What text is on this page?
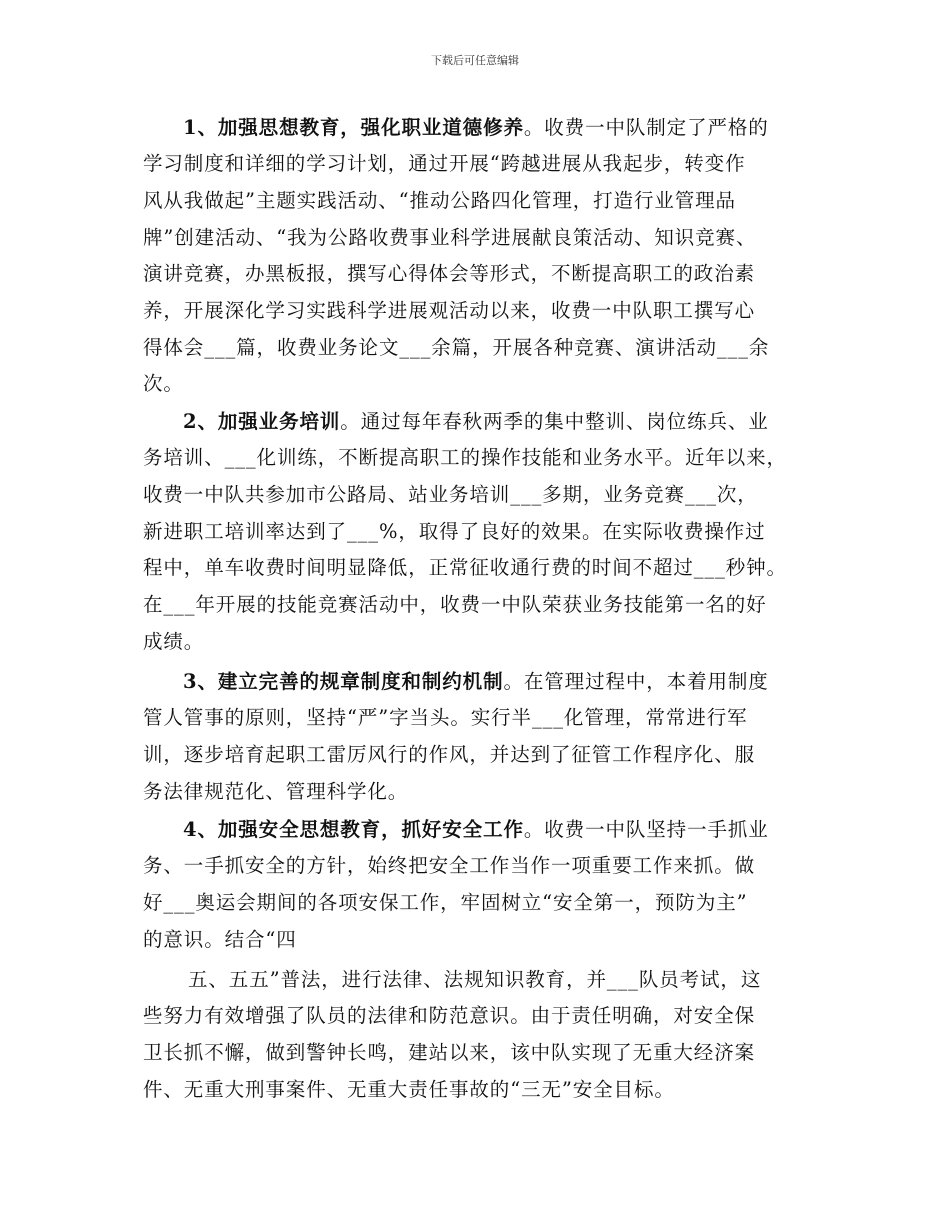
下载后可任意编辑
1、加强思想教育，强化职业道德修养。收费一中队制定了严格的
学习制度和详细的学习计划，通过开展“跨越进展从我起步，转变作
风从我做起”主题实践活动、“推动公路四化管理，打造行业管理品
牌”创建活动、“我为公路收费事业科学进展献良策活动、知识竞赛、
演讲竞赛，办黑板报，撰写心得体会等形式，不断提高职工的政治素
养，开展深化学习实践科学进展观活动以来，收费一中队职工撰写心
得体会___篇，收费业务论文___余篇，开展各种竞赛、演讲活动___余
次。
2、加强业务培训。通过每年春秋两季的集中整训、岗位练兵、业
务培训、___化训练，不断提高职工的操作技能和业务水平。近年以来，
收费一中队共参加市公路局、站业务培训___多期，业务竞赛___次，
新进职工培训率达到了___%，取得了良好的效果。在实际收费操作过
程中，单车收费时间明显降低，正常征收通行费的时间不超过___秒钟。
在___年开展的技能竞赛活动中，收费一中队荣获业务技能第一名的好
成绩。
3、建立完善的规章制度和制约机制。在管理过程中，本着用制度
管人管事的原则，坚持“严”字当头。实行半___化管理，常常进行军
训，逐步培育起职工雷厉风行的作风，并达到了征管工作程序化、服
务法律规范化、管理科学化。
4、加强安全思想教育，抓好安全工作。收费一中队坚持一手抓业
务、一手抓安全的方针，始终把安全工作当作一项重要工作来抓。做
好___奥运会期间的各项安保工作，牢固树立“安全第一，预防为主”
的意识。结合“四
五、五五”普法，进行法律、法规知识教育，并___队员考试，这
些努力有效增强了队员的法律和防范意识。由于责任明确，对安全保
卫长抓不懈，做到警钟长鸣，建站以来，该中队实现了无重大经济案
件、无重大刑事案件、无重大责任事故的“三无”安全目标。
